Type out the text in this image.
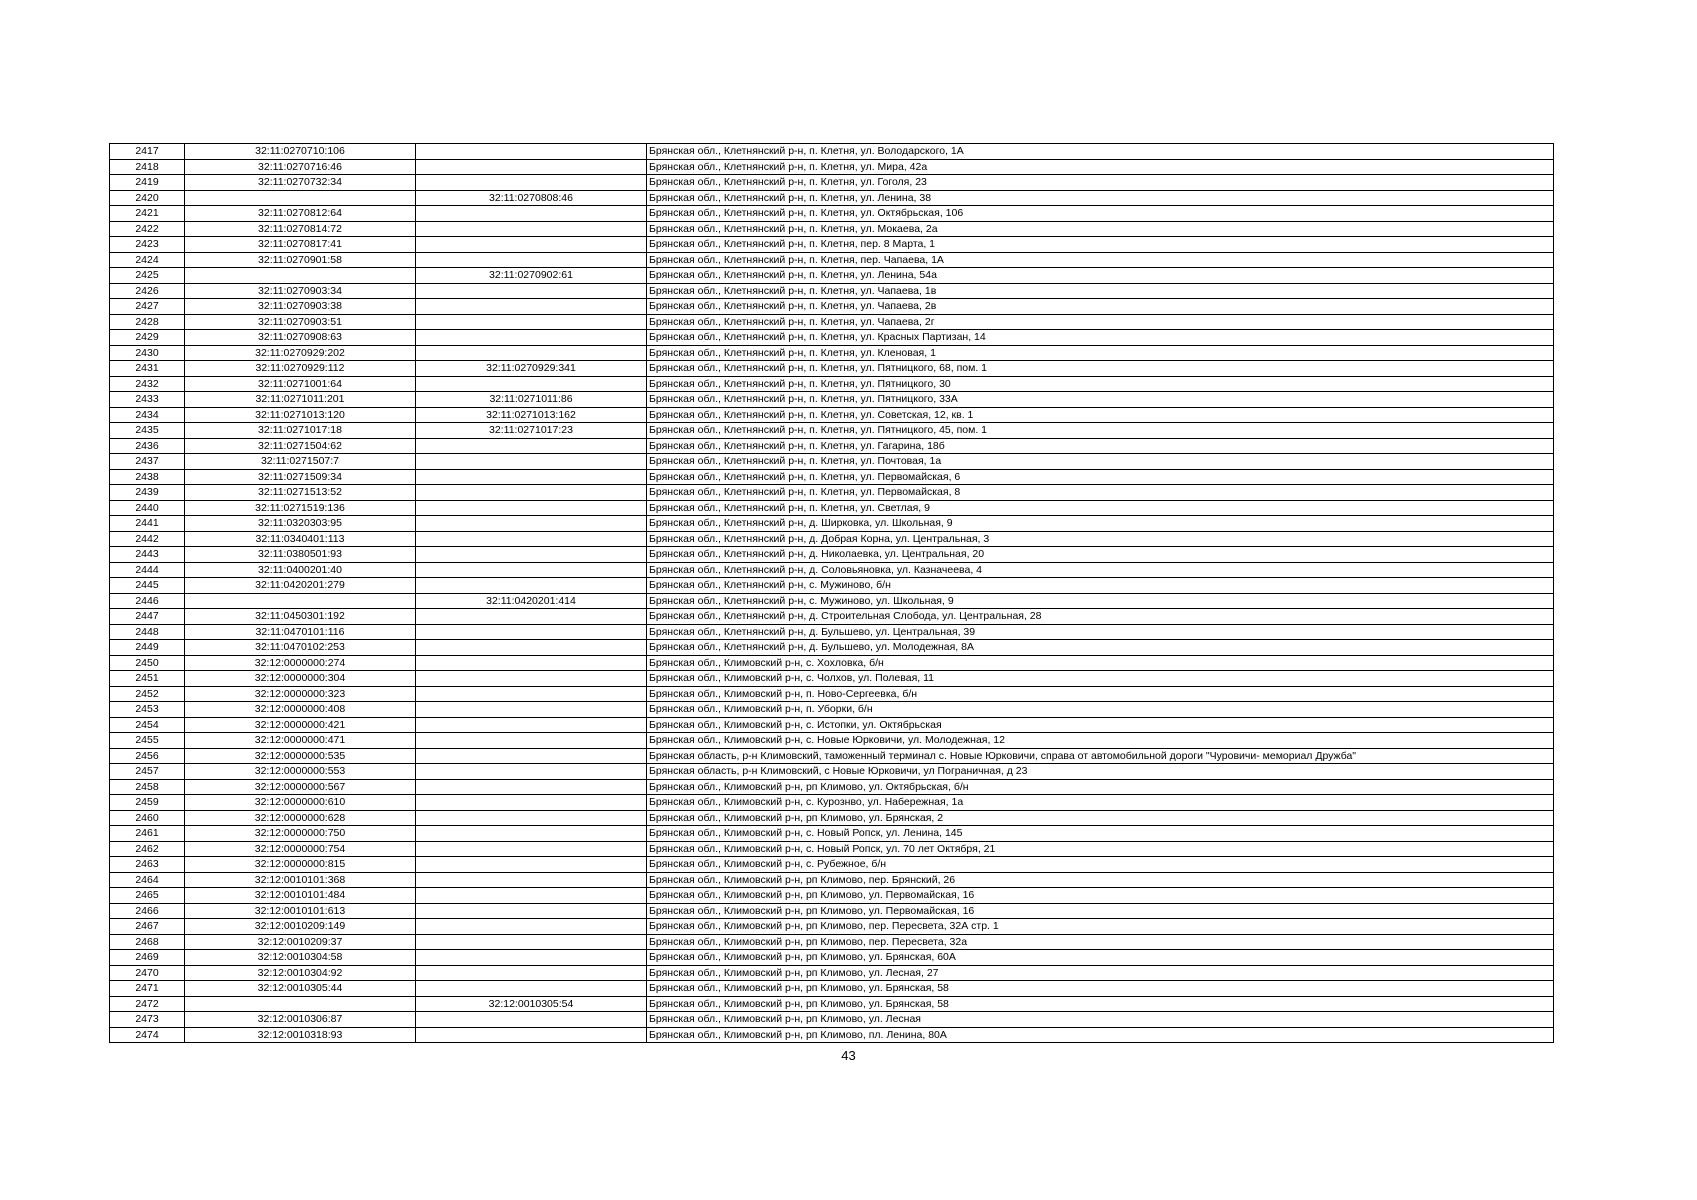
2417	32:11:0270710:106		Брянская обл., Клетнянский р-н, п. Клетня, ул. Володарского, 1А
2418	32:11:0270716:46		Брянская обл., Клетнянский р-н, п. Клетня, ул. Мира, 42а
2419	32:11:0270732:34		Брянская обл., Клетнянский р-н, п. Клетня, ул. Гоголя, 23
2420		32:11:0270808:46	Брянская обл., Клетнянский р-н, п. Клетня, ул. Ленина, 38
2421	32:11:0270812:64		Брянская обл., Клетнянский р-н, п. Клетня, ул. Октябрьская, 106
2422	32:11:0270814:72		Брянская обл., Клетнянский р-н, п. Клетня, ул. Мокаева, 2а
2423	32:11:0270817:41		Брянская обл., Клетнянский р-н, п. Клетня, пер. 8 Марта, 1
2424	32:11:0270901:58		Брянская обл., Клетнянский р-н, п. Клетня, пер. Чапаева, 1А
2425		32:11:0270902:61	Брянская обл., Клетнянский р-н, п. Клетня, ул. Ленина, 54а
2426	32:11:0270903:34		Брянская обл., Клетнянский р-н, п. Клетня, ул. Чапаева, 1в
2427	32:11:0270903:38		Брянская обл., Клетнянский р-н, п. Клетня, ул. Чапаева, 2в
2428	32:11:0270903:51		Брянская обл., Клетнянский р-н, п. Клетня, ул. Чапаева, 2г
2429	32:11:0270908:63		Брянская обл., Клетнянский р-н, п. Клетня, ул. Красных Партизан, 14
2430	32:11:0270929:202		Брянская обл., Клетнянский р-н, п. Клетня, ул. Кленовая, 1
2431	32:11:0270929:112	32:11:0270929:341	Брянская обл., Клетнянский р-н, п. Клетня, ул. Пятницкого, 68, пом. 1
2432	32:11:0271001:64		Брянская обл., Клетнянский р-н, п. Клетня, ул. Пятницкого, 30
2433	32:11:0271011:201	32:11:0271011:86	Брянская обл., Клетнянский р-н, п. Клетня, ул. Пятницкого, 33А
2434	32:11:0271013:120	32:11:0271013:162	Брянская обл., Клетнянский р-н, п. Клетня, ул. Советская, 12, кв. 1
2435	32:11:0271017:18	32:11:0271017:23	Брянская обл., Клетнянский р-н, п. Клетня, ул. Пятницкого, 45, пом. 1
2436	32:11:0271504:62		Брянская обл., Клетнянский р-н, п. Клетня, ул. Гагарина, 18б
2437	32:11:0271507:7		Брянская обл., Клетнянский р-н, п. Клетня, ул. Почтовая, 1а
2438	32:11:0271509:34		Брянская обл., Клетнянский р-н, п. Клетня, ул. Первомайская, 6
2439	32:11:0271513:52		Брянская обл., Клетнянский р-н, п. Клетня, ул. Первомайская, 8
2440	32:11:0271519:136		Брянская обл., Клетнянский р-н, п. Клетня, ул. Светлая, 9
2441	32:11:0320303:95		Брянская обл., Клетнянский р-н, д. Ширковка, ул. Школьная, 9
2442	32:11:0340401:113		Брянская обл., Клетнянский р-н, д. Добрая Корна, ул. Центральная, 3
2443	32:11:0380501:93		Брянская обл., Клетнянский р-н, д. Николаевка, ул. Центральная, 20
2444	32:11:0400201:40		Брянская обл., Клетнянский р-н, д. Соловьяновка, ул. Казначеева, 4
2445	32:11:0420201:279		Брянская обл., Клетнянский р-н, с. Мужиново, б/н
2446		32:11:0420201:414	Брянская обл., Клетнянский р-н, с. Мужиново, ул. Школьная, 9
2447	32:11:0450301:192		Брянская обл., Клетнянский р-н, д. Строительная Слобода, ул. Центральная, 28
2448	32:11:0470101:116		Брянская обл., Клетнянский р-н, д. Бульшево, ул. Центральная, 39
2449	32:11:0470102:253		Брянская обл., Клетнянский р-н, д. Бульшево, ул. Молодежная, 8А
2450	32:12:0000000:274		Брянская обл., Климовский р-н, с. Хохловка, б/н
2451	32:12:0000000:304		Брянская обл., Климовский р-н, с. Чолхов, ул. Полевая, 11
2452	32:12:0000000:323		Брянская обл., Климовский р-н, п. Ново-Сергеевка, б/н
2453	32:12:0000000:408		Брянская обл., Климовский р-н, п. Уборки, б/н
2454	32:12:0000000:421		Брянская обл., Климовский р-н, с. Истопки, ул. Октябрьская
2455	32:12:0000000:471		Брянская обл., Климовский р-н, с. Новые Юрковичи, ул. Молодежная, 12
2456	32:12:0000000:535		Брянская область, р-н Климовский, таможенный терминал с. Новые Юрковичи, справа от автомобильной дороги "Чуровичи- мемориал Дружба"
2457	32:12:0000000:553		Брянская область, р-н Климовский, с Новые Юрковичи, ул Пограничная, д 23
2458	32:12:0000000:567		Брянская обл., Климовский р-н, рп Климово, ул. Октябрьская, б/н
2459	32:12:0000000:610		Брянская обл., Климовский р-н, с. Курознво, ул. Набережная, 1а
2460	32:12:0000000:628		Брянская обл., Климовский р-н, рп Климово, ул. Брянская, 2
2461	32:12:0000000:750		Брянская обл., Климовский р-н, с. Новый Ропск, ул. Ленина, 145
2462	32:12:0000000:754		Брянская обл., Климовский р-н, с. Новый Ропск, ул. 70 лет Октября, 21
2463	32:12:0000000:815		Брянская обл., Климовский р-н, с. Рубежное, б/н
2464	32:12:0010101:368		Брянская обл., Климовский р-н, рп Климово, пер. Брянский, 26
2465	32:12:0010101:484		Брянская обл., Климовский р-н, рп Климово, ул. Первомайская, 16
2466	32:12:0010101:613		Брянская обл., Климовский р-н, рп Климово, ул. Первомайская, 16
2467	32:12:0010209:149		Брянская обл., Климовский р-н, рп Климово, пер. Пересвета, 32А стр. 1
2468	32:12:0010209:37		Брянская обл., Климовский р-н, рп Климово, пер. Пересвета, 32а
2469	32:12:0010304:58		Брянская обл., Климовский р-н, рп Климово, ул. Брянская, 60А
2470	32:12:0010304:92		Брянская обл., Климовский р-н, рп Климово, ул. Лесная, 27
2471	32:12:0010305:44		Брянская обл., Климовский р-н, рп Климово, ул. Брянская, 58
2472		32:12:0010305:54	Брянская обл., Климовский р-н, рп Климово, ул. Брянская, 58
2473	32:12:0010306:87		Брянская обл., Климовский р-н, рп Климово, ул. Лесная
2474	32:12:0010318:93		Брянская обл., Климовский р-н, рп Климово, пл. Ленина, 80А
43
